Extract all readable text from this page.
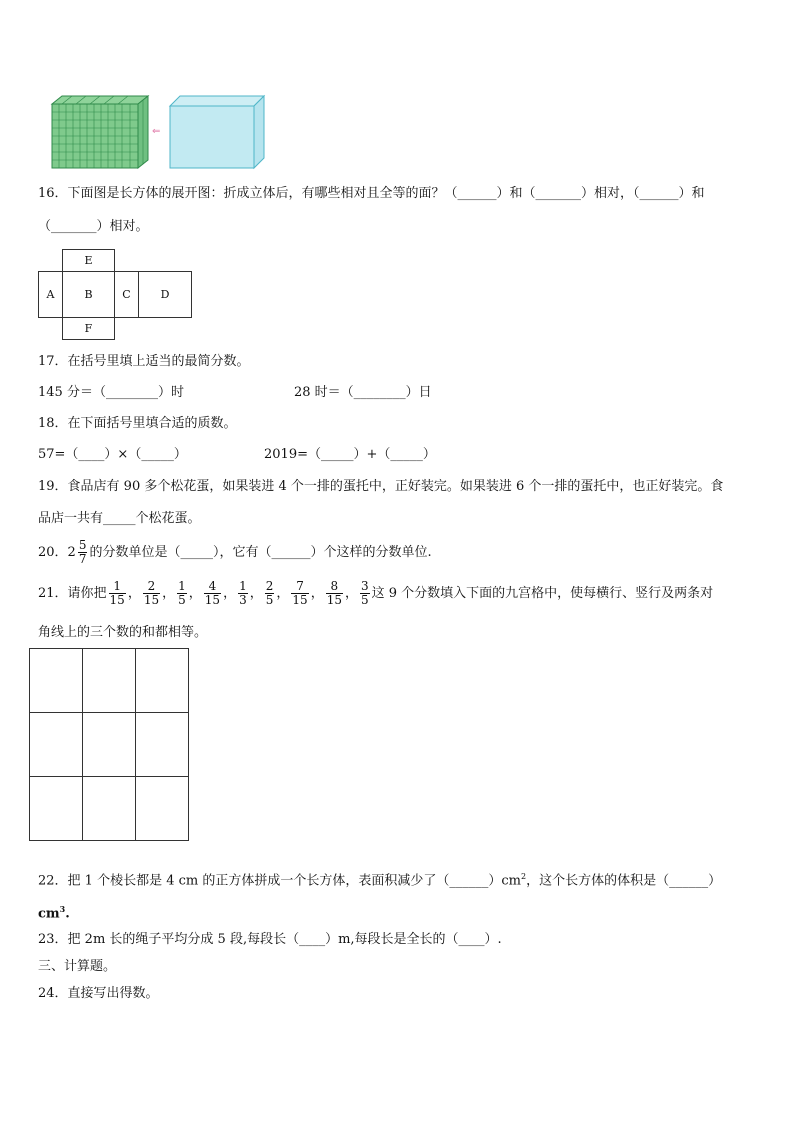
⇐
16．下面图是长方体的展开图：折成立体后，有哪些相对且全等的面？（______）和（_______）相对，（______）和
（_______）相对。
E
A	B	C	D
F
17．在括号里填上适当的最简分数。
145 分＝（________）时	28 时＝（________）日
18．在下面括号里填合适的质数。
57=（____）×（_____）	2019=（_____）+（_____）
19．食品店有 90 多个松花蛋，如果装进 4 个一排的蛋托中，正好装完。如果装进 6 个一排的蛋托中，也正好装完。食
品店一共有_____个松花蛋。
20．$2 \frac{5}{7}$ 的分数单位是（_____），它有（______）个这样的分数单位.
21．请你把 $\frac{1}{15}$ ， $\frac{2}{15}$ ， $\frac{1}{5}$ ， $\frac{4}{15}$ ， $\frac{1}{3}$ ， $\frac{2}{5}$ ， $\frac{7}{15}$ ， $\frac{8}{15}$ ， $\frac{3}{5}$ 这 9 个分数填入下面的九宫格中，使每横行、竖行及两条对
角线上的三个数的和都相等。
22．把 1 个棱长都是 4 cm 的正方体拼成一个长方体，表面积减少了$(\_\_\_\_\_\_)cm^2$，这个长方体的体积是（______）
$cm^3$.
23．把 2m 长的绳子平均分成 5 段,每段长（____）m,每段长是全长的（____）.
三、计算题。
24．直接写出得数。
